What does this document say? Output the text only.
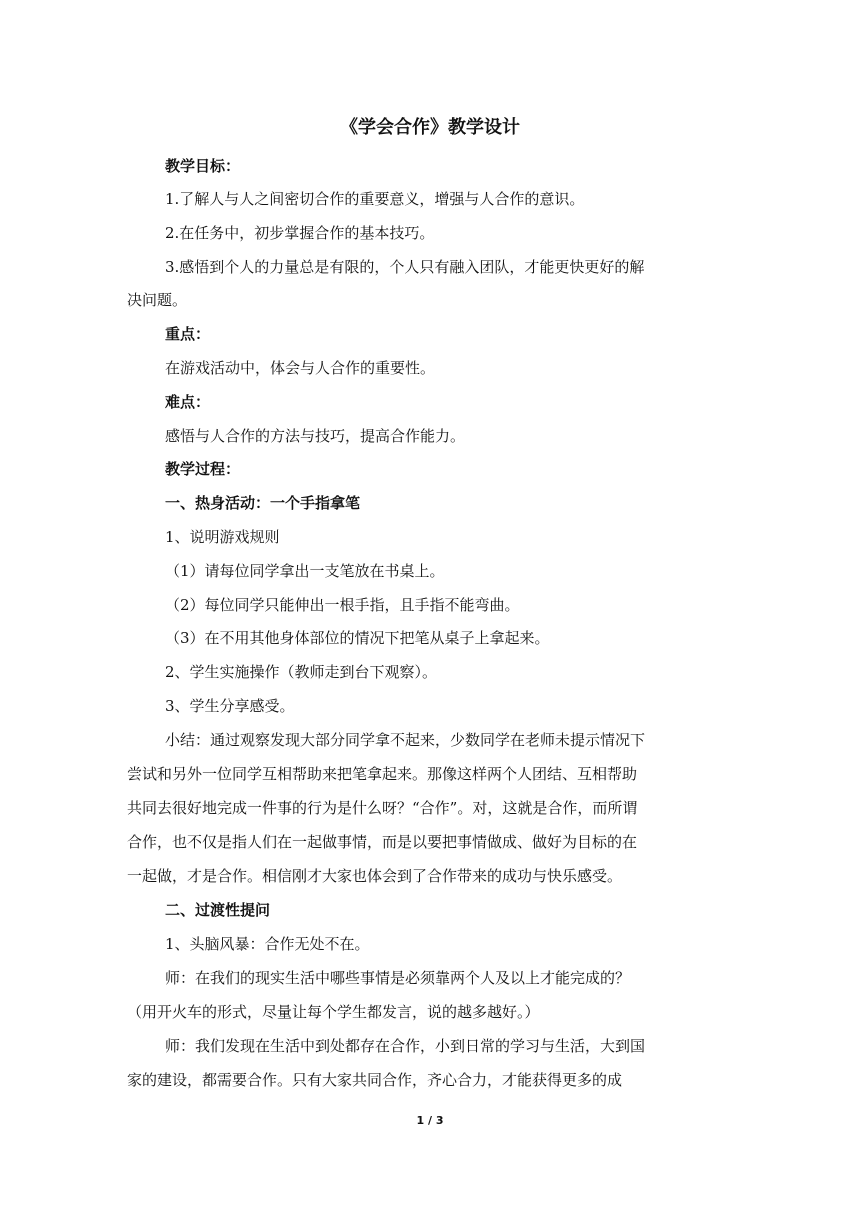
《学会合作》教学设计
教学目标：
1.了解人与人之间密切合作的重要意义，增强与人合作的意识。
2.在任务中，初步掌握合作的基本技巧。
3.感悟到个人的力量总是有限的，个人只有融入团队，才能更快更好的解
决问题。
重点：
在游戏活动中，体会与人合作的重要性。
难点：
感悟与人合作的方法与技巧，提高合作能力。
教学过程：
一、热身活动：一个手指拿笔
1、说明游戏规则
（1）请每位同学拿出一支笔放在书桌上。
（2）每位同学只能伸出一根手指，且手指不能弯曲。
（3）在不用其他身体部位的情况下把笔从桌子上拿起来。
2、学生实施操作（教师走到台下观察）。
3、学生分享感受。
小结：通过观察发现大部分同学拿不起来，少数同学在老师未提示情况下
尝试和另外一位同学互相帮助来把笔拿起来。那像这样两个人团结、互相帮助
共同去很好地完成一件事的行为是什么呀？“合作”。对，这就是合作，而所谓
合作，也不仅是指人们在一起做事情，而是以要把事情做成、做好为目标的在
一起做，才是合作。相信刚才大家也体会到了合作带来的成功与快乐感受。
二、过渡性提问
1、头脑风暴：合作无处不在。
师：在我们的现实生活中哪些事情是必须靠两个人及以上才能完成的？
（用开火车的形式，尽量让每个学生都发言，说的越多越好。）
师：我们发现在生活中到处都存在合作，小到日常的学习与生活，大到国
家的建设，都需要合作。只有大家共同合作，齐心合力，才能获得更多的成
1 / 3
